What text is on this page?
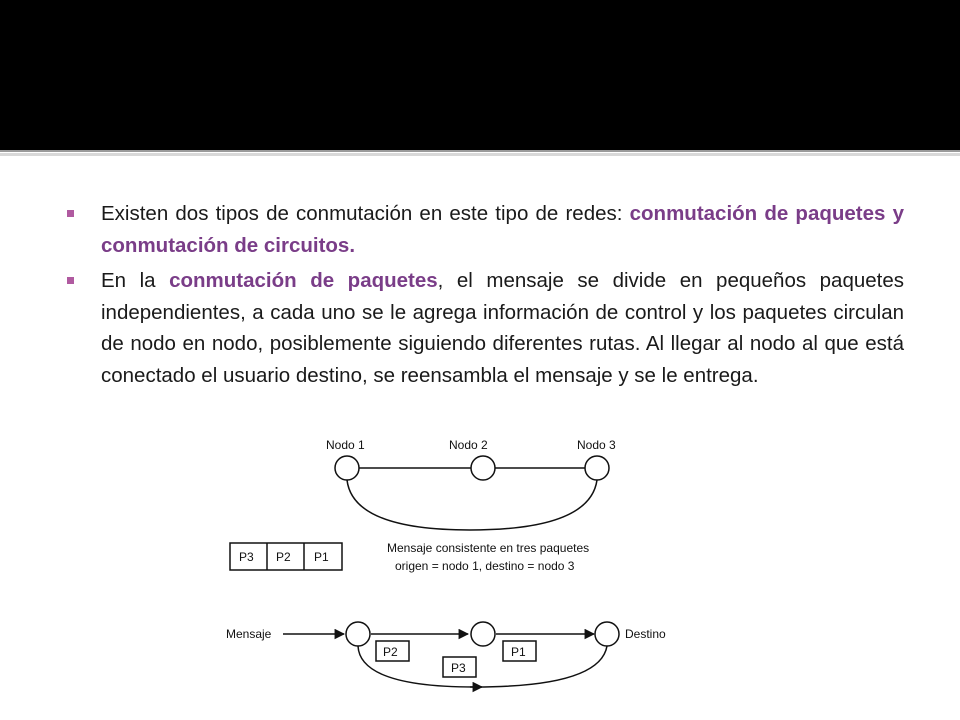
Existen dos tipos de conmutación en este tipo de redes: conmutación de paquetes y conmutación de circuitos.
En la conmutación de paquetes, el mensaje se divide en pequeños paquetes independientes, a cada uno se le agrega información de control y los paquetes circulan de nodo en nodo, posiblemente siguiendo diferentes rutas. Al llegar al nodo al que está conectado el usuario destino, se reensambla el mensaje y se le entrega.
Nodo 1	Nodo 2	Nodo 3
P3 P2 P1
Mensaje consistente en tres paquetes
origen = nodo 1, destino = nodo 3
Mensaje	Destino
P2	P1
P3
